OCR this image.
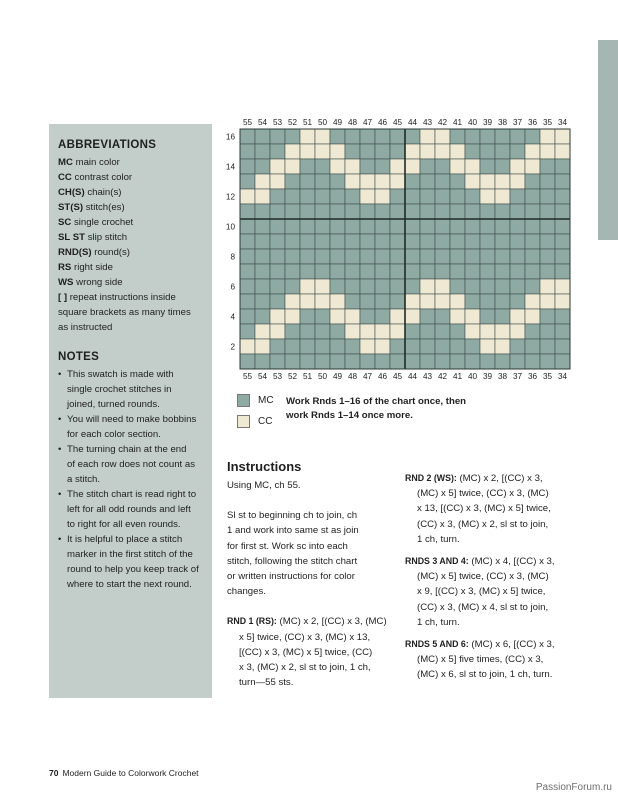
ABBREVIATIONS

MC main color

CC contrast color

CH(S) chain(s)

ST(S) stitch(es)

SC single crochet

SL ST slip stitch

RND(S) round(s)

RS right side

WS wrong side

[ ] repeat instructions inside
square brackets as many times
as instructed

NOTES
• This swatch is made with
single crochet stitches in
joined, turned rounds.
• You will need to make bobbins
for each color section.
• The turning chain at the end
of each row does not count as
a stitch.
• The stitch chart is read right to
left for all odd rounds and left
to right for all even rounds.
• It is helpful to place a stitch
marker in the first stitch of the
round to help you keep track of
where to start the next round.
55
55
54
54
53
53
52
52
51
51
50
50
49
49
48
48
47
47
46
46
45
45
44
44
43
43
42
42
41
41
40
40
39
39
38
38
37
37
36
36
35
35
34
34
16
14
12
10
8
6
4
2
MC
CC
Work Rnds 1–16 of the chart once, then
work Rnds 1–14 once more.
Instructions

Using MC, ch 55.

Sl st to beginning ch to join, ch
1 and work into same st as join
for first st. Work sc into each
stitch, following the stitch chart
or written instructions for color
changes.

RND 1 (RS): (MC) x 2, [(CC) x 3, (MC)
x 5] twice, (CC) x 3, (MC) x 13,
[(CC) x 3, (MC) x 5] twice, (CC)
x 3, (MC) x 2, sl st to join, 1 ch,
turn—55 sts.

RND 2 (WS): (MC) x 2, [(CC) x 3,
(MC) x 5] twice, (CC) x 3, (MC)
x 13, [(CC) x 3, (MC) x 5] twice,
(CC) x 3, (MC) x 2, sl st to join,
1 ch, turn.

RNDS 3 AND 4: (MC) x 4, [(CC) x 3,
(MC) x 5] twice, (CC) x 3, (MC)
x 9, [(CC) x 3, (MC) x 5] twice,
(CC) x 3, (MC) x 4, sl st to join,
1 ch, turn.

RNDS 5 AND 6: (MC) x 6, [(CC) x 3,
(MC) x 5] five times, (CC) x 3,
(MC) x 6, sl st to join, 1 ch, turn.

70 Modern Guide to Colorwork Crochet
PassionForum.ru
